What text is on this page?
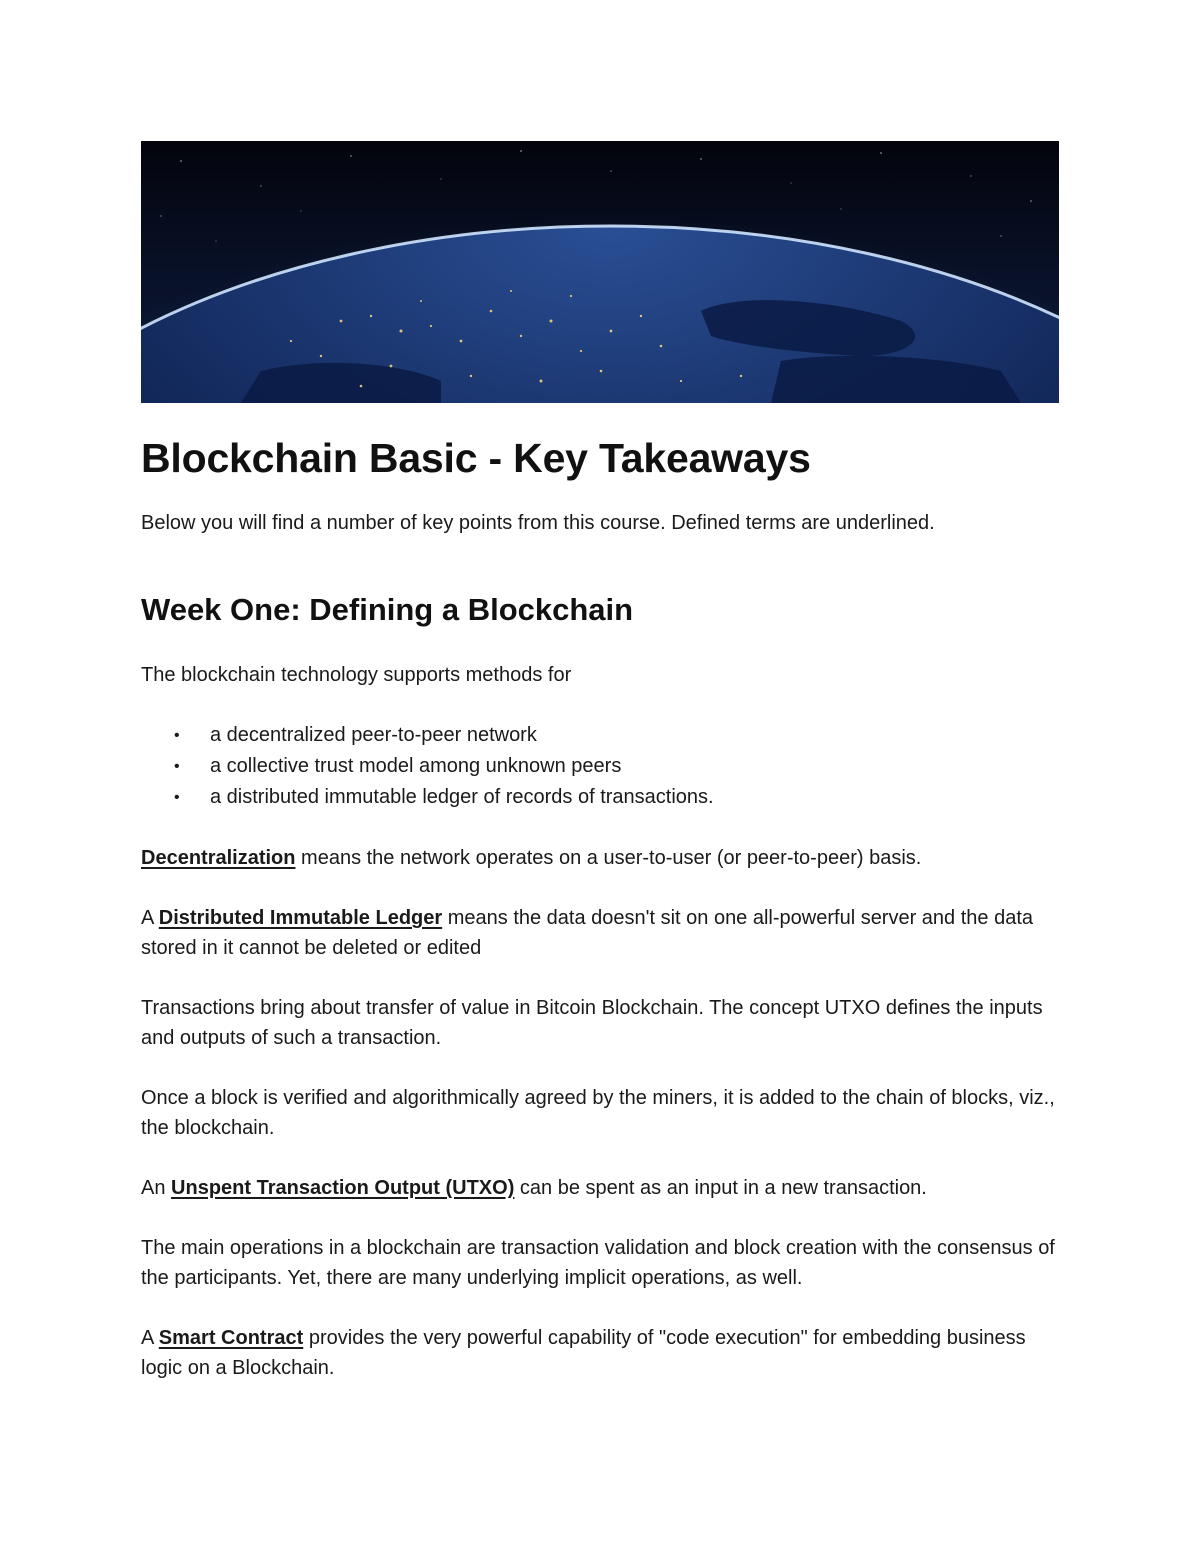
Blockchain Basic - Key Takeaways

Below you will find a number of key points from this course. Defined terms are underlined.

Week One: Defining a Blockchain

The blockchain technology supports methods for

• a decentralized peer-to-peer network
• a collective trust model among unknown peers
• a distributed immutable ledger of records of transactions.

Decentralization means the network operates on a user-to-user (or peer-to-peer) basis.

A Distributed Immutable Ledger means the data doesn't sit on one all-powerful server and the data stored in it cannot be deleted or edited

Transactions bring about transfer of value in Bitcoin Blockchain. The concept UTXO defines the inputs and outputs of such a transaction.

Once a block is verified and algorithmically agreed by the miners, it is added to the chain of blocks, viz., the blockchain.

An Unspent Transaction Output (UTXO) can be spent as an input in a new transaction.

The main operations in a blockchain are transaction validation and block creation with the consensus of the participants. Yet, there are many underlying implicit operations, as well.

A Smart Contract provides the very powerful capability of "code execution" for embedding business logic on a Blockchain.
